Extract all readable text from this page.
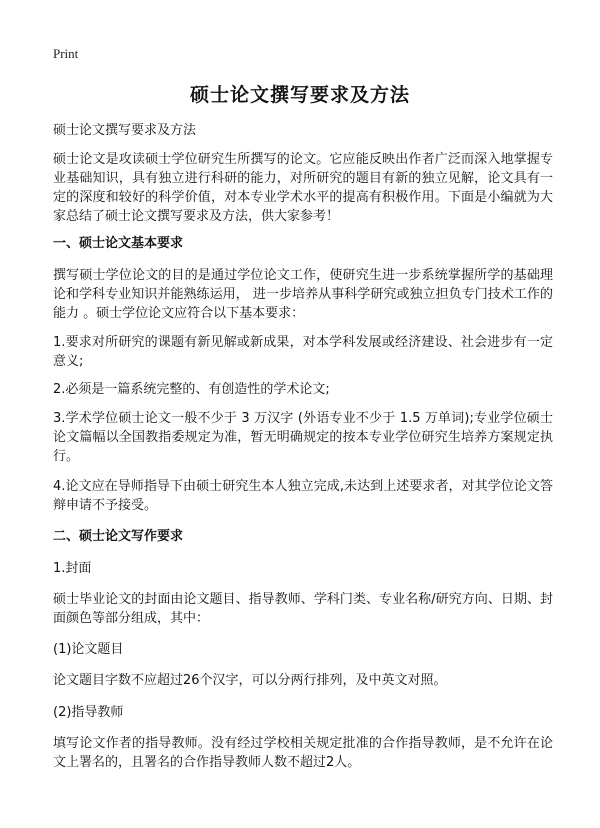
Print
硕士论文撰写要求及方法
硕士论文撰写要求及方法
硕士论文是攻读硕士学位研究生所撰写的论文。它应能反映出作者广泛而深入地掌握专业基础知识，具有独立进行科研的能力，对所研究的题目有新的独立见解，论文具有一定的深度和较好的科学价值，对本专业学术水平的提高有积极作用。下面是小编就为大家总结了硕士论文撰写要求及方法，供大家参考！
一、硕士论文基本要求
撰写硕士学位论文的目的是通过学位论文工作，使研究生进一步系统掌握所学的基础理论和学科专业知识并能熟练运用， 进一步培养从事科学研究或独立担负专门技术工作的能力 。硕士学位论文应符合以下基本要求：
1.要求对所研究的课题有新见解或新成果，对本学科发展或经济建设、社会进步有一定意义;
2.必须是一篇系统完整的、有创造性的学术论文;
3.学术学位硕士论文一般不少于 3 万汉字 (外语专业不少于 1.5 万单词);专业学位硕士论文篇幅以全国教指委规定为准，暂无明确规定的按本专业学位研究生培养方案规定执行。
4.论文应在导师指导下由硕士研究生本人独立完成,未达到上述要求者，对其学位论文答辩申请不予接受。
二、硕士论文写作要求
1.封面
硕士毕业论文的封面由论文题目、指导教师、学科门类、专业名称/研究方向、日期、封面颜色等部分组成，其中：
(1)论文题目
论文题目字数不应超过26个汉字，可以分两行排列，及中英文对照。
(2)指导教师
填写论文作者的指导教师。没有经过学校相关规定批准的合作指导教师，是不允许在论文上署名的，且署名的合作指导教师人数不超过2人。
